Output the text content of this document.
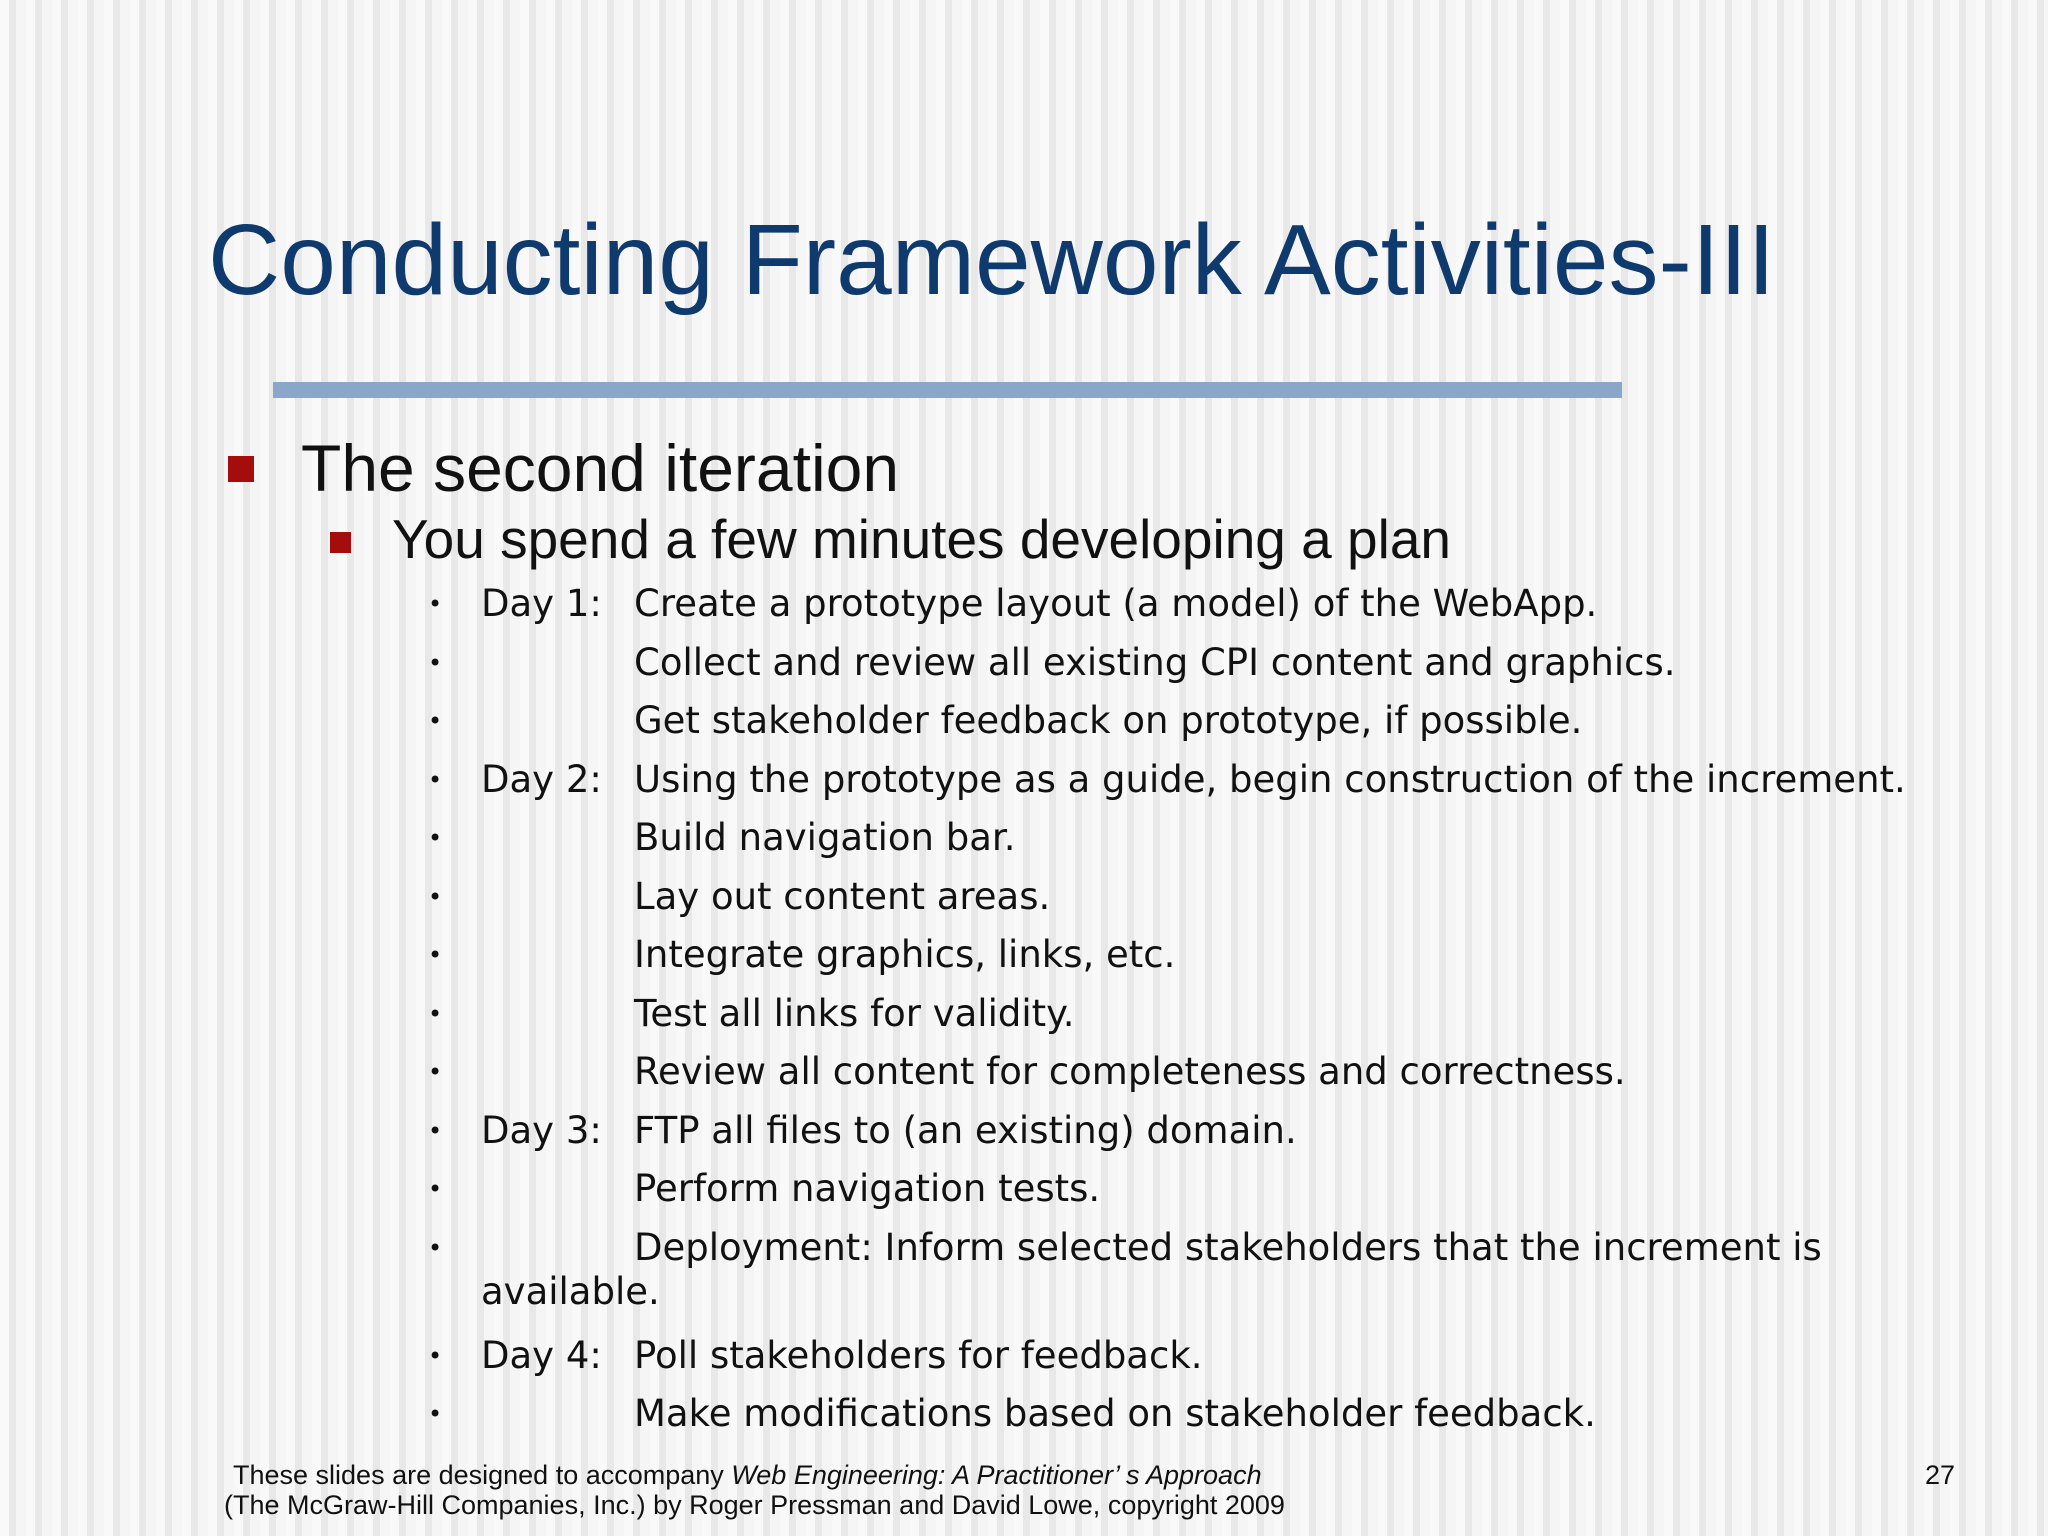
Conducting Framework Activities-III
The second iteration
You spend a few minutes developing a plan
• Day 1: Create a prototype layout (a model) of the WebApp.
•	Collect and review all existing CPI content and graphics.
•	Get stakeholder feedback on prototype, if possible.
• Day 2: Using the prototype as a guide, begin construction of the increment.
•	Build navigation bar.
•	Lay out content areas.
•	Integrate graphics, links, etc.
•	Test all links for validity.
•	Review all content for completeness and correctness.
• Day 3: FTP all files to (an existing) domain.
•	Perform navigation tests.
•	Deployment: Inform selected stakeholders that the increment is
available.
• Day 4: Poll stakeholders for feedback.
•	Make modifications based on stakeholder feedback.
These slides are designed to accompany Web Engineering: A Practitioner’ s Approach
(The McGraw-Hill Companies, Inc.) by Roger Pressman and David Lowe, copyright 2009
27
